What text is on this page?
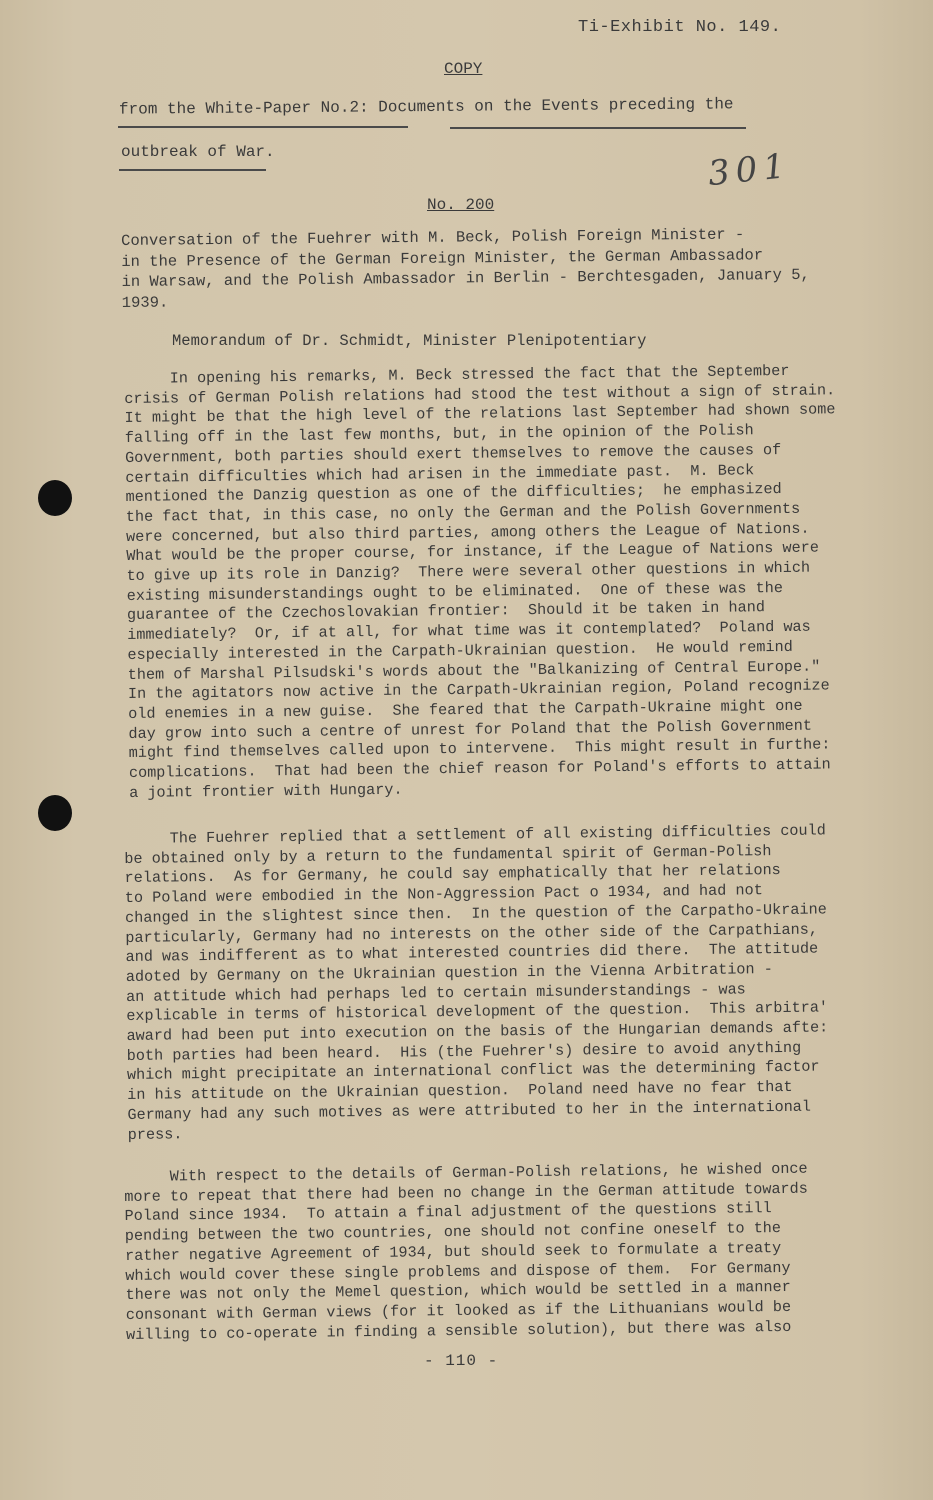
Ti-Exhibit No. 149.
COPY
from the White-Paper No.2: Documents on the Events preceding the
outbreak of War.	301
No. 200
Conversation of the Fuehrer with M. Beck, Polish Foreign Minister -
in the Presence of the German Foreign Minister, the German Ambassador
in Warsaw, and the Polish Ambassador in Berlin - Berchtesgaden, January 5,
1939.
Memorandum of Dr. Schmidt, Minister Plenipotentiary
In opening his remarks, M. Beck stressed the fact that the September
crisis of German Polish relations had stood the test without a sign of strain.
It might be that the high level of the relations last September had shown some
falling off in the last few months, but, in the opinion of the Polish
Government, both parties should exert themselves to remove the causes of
certain difficulties which had arisen in the immediate past.  M. Beck
mentioned the Danzig question as one of the difficulties;  he emphasized
the fact that, in this case, no only the German and the Polish Governments
were concerned, but also third parties, among others the League of Nations.
What would be the proper course, for instance, if the League of Nations were
to give up its role in Danzig?  There were several other questions in which
existing misunderstandings ought to be eliminated.  One of these was the
guarantee of the Czechoslovakian frontier:  Should it be taken in hand
immediately?  Or, if at all, for what time was it contemplated?  Poland was
especially interested in the Carpath-Ukrainian question.  He would remind
them of Marshal Pilsudski's words about the "Balkanizing of Central Europe."
In the agitators now active in the Carpath-Ukrainian region, Poland recognize
old enemies in a new guise.  She feared that the Carpath-Ukraine might one
day grow into such a centre of unrest for Poland that the Polish Government
might find themselves called upon to intervene.  This might result in furthe:
complications.  That had been the chief reason for Poland's efforts to attain
a joint frontier with Hungary.
The Fuehrer replied that a settlement of all existing difficulties could
be obtained only by a return to the fundamental spirit of German-Polish
relations.  As for Germany, he could say emphatically that her relations
to Poland were embodied in the Non-Aggression Pact o 1934, and had not
changed in the slightest since then.  In the question of the Carpatho-Ukraine
particularly, Germany had no interests on the other side of the Carpathians,
and was indifferent as to what interested countries did there.  The attitude
adoted by Germany on the Ukrainian question in the Vienna Arbitration -
an attitude which had perhaps led to certain misunderstandings - was
explicable in terms of historical development of the question.  This arbitra'
award had been put into execution on the basis of the Hungarian demands afte:
both parties had been heard.  His (the Fuehrer's) desire to avoid anything
which might precipitate an international conflict was the determining factor
in his attitude on the Ukrainian question.  Poland need have no fear that
Germany had any such motives as were attributed to her in the international
press.
With respect to the details of German-Polish relations, he wished once
more to repeat that there had been no change in the German attitude towards
Poland since 1934.  To attain a final adjustment of the questions still
pending between the two countries, one should not confine oneself to the
rather negative Agreement of 1934, but should seek to formulate a treaty
which would cover these single problems and dispose of them.  For Germany
there was not only the Memel question, which would be settled in a manner
consonant with German views (for it looked as if the Lithuanians would be
willing to co-operate in finding a sensible solution), but there was also
- 110 -
